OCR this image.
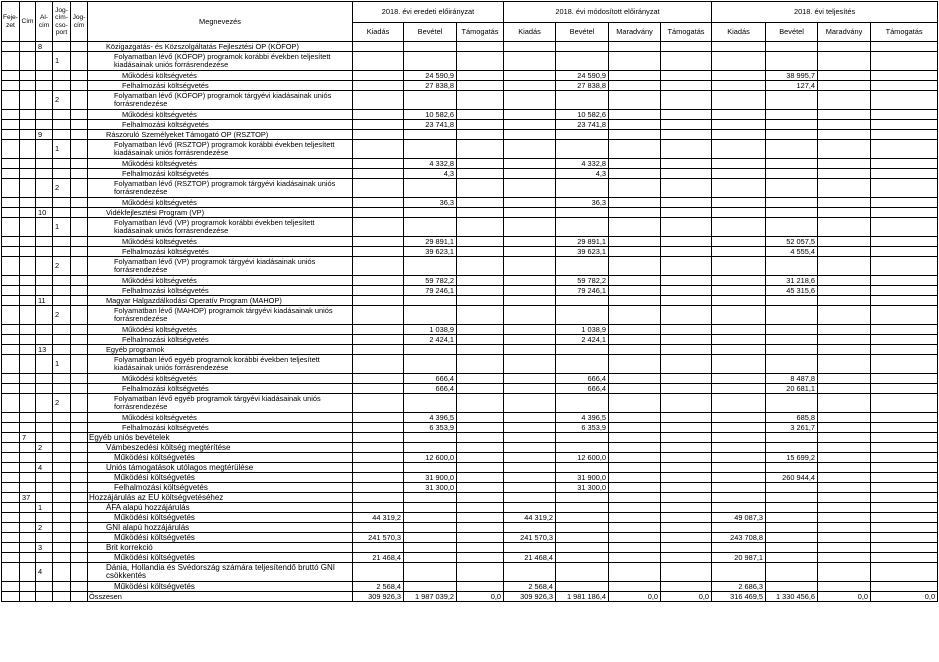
Feje-zet	Cím	Al-cím	Jog-cím-cso-port	Jog-cím	Megnevezés	2018. évi eredeti előirányzat			2018. évi módosított előirányzat				2018. évi teljesítés			
						Kiadás	Bevétel	Támogatás	Kiadás	Bevétel	Maradvány	Támogatás	Kiadás	Bevétel	Maradvány	Támogatás
		8			Közigazgatás- és Közszolgáltatás Fejlesztési OP (KÖFOP)											
			1		Folyamatban lévő (KÖFOP) programok korábbi években teljesített kiadásainak uniós forrásrendezése											
					Működési költségvetés		24 590,9			24 590,9				38 995,7		
					Felhalmozási költségvetés		27 838,8			27 838,8				127,4		
			2		Folyamatban lévő (KÖFOP) programok tárgyévi kiadásainak uniós forrásrendezése											
					Működési költségvetés		10 582,6			10 582,6						
					Felhalmozási költségvetés		23 741,8			23 741,8						
		9			Rászoruló Személyeket Támogató OP (RSZTOP)											
			1		Folyamatban lévő (RSZTOP) programok korábbi években teljesített kiadásainak uniós forrásrendezése											
					Működési költségvetés		4 332,8			4 332,8						
					Felhalmozási költségvetés		4,3			4,3						
			2		Folyamatban lévő (RSZTOP) programok tárgyévi kiadásainak uniós forrásrendezése											
					Működési költségvetés		36,3			36,3						
		10			Vidékfejlesztési Program (VP)											
			1		Folyamatban lévő (VP) programok korábbi években teljesített kiadásainak uniós forrásrendezése											
					Működési költségvetés		29 891,1			29 891,1				52 057,5		
					Felhalmozási költségvetés		39 623,1			39 623,1				4 555,4		
			2		Folyamatban lévő (VP) programok tárgyévi kiadásainak uniós forrásrendezése											
					Működési költségvetés		59 782,2			59 782,2				31 218,6		
					Felhalmozási költségvetés		79 246,1			79 246,1				45 315,6		
		11			Magyar Halgazdálkodási Operatív Program (MAHOP)											
			2		Folyamatban lévő (MAHOP) programok tárgyévi kiadásainak uniós forrásrendezése											
					Működési költségvetés		1 038,9			1 038,9						
					Felhalmozási költségvetés		2 424,1			2 424,1						
		13			Egyéb programok											
			1		Folyamatban lévő egyéb programok korábbi években teljesített kiadásainak uniós forrásrendezése											
					Működési költségvetés		666,4			666,4				8 487,8		
					Felhalmozási költségvetés		666,4			666,4				20 681,1		
			2		Folyamatban lévő egyéb programok tárgyévi kiadásainak uniós forrásrendezése											
					Működési költségvetés		4 396,5			4 396,5				685,8		
					Felhalmozási költségvetés		6 353,9			6 353,9				3 261,7		
	7				Egyéb uniós bevételek											
		2			Vámbeszedési költség megtérítése											
					Működési költségvetés		12 600,0			12 600,0				15 699,2		
		4			Uniós támogatások utólagos megtérülése											
					Működési költségvetés		31 900,0			31 900,0				260 944,4		
					Felhalmozási költségvetés		31 300,0			31 300,0						
	37				Hozzájárulás az EU költségvetéséhez											
		1			ÁFA alapú hozzájárulás											
					Működési költségvetés	44 319,2			44 319,2				49 087,3			
		2			GNI alapú hozzájárulás											
					Működési költségvetés	241 570,3			241 570,3				243 708,8			
		3			Brit korrekció											
					Működési költségvetés	21 468,4			21 468,4				20 987,1			
		4			Dánia, Hollandia és Svédország számára teljesítendő bruttó GNI csökkentés											
					Működési költségvetés	2 568,4			2 568,4				2 686,3			
					Összesen	309 926,3	1 987 039,2	0,0	309 926,3	1 981 186,4	0,0	0,0	316 469,5	1 330 456,6	0,0	0,0
